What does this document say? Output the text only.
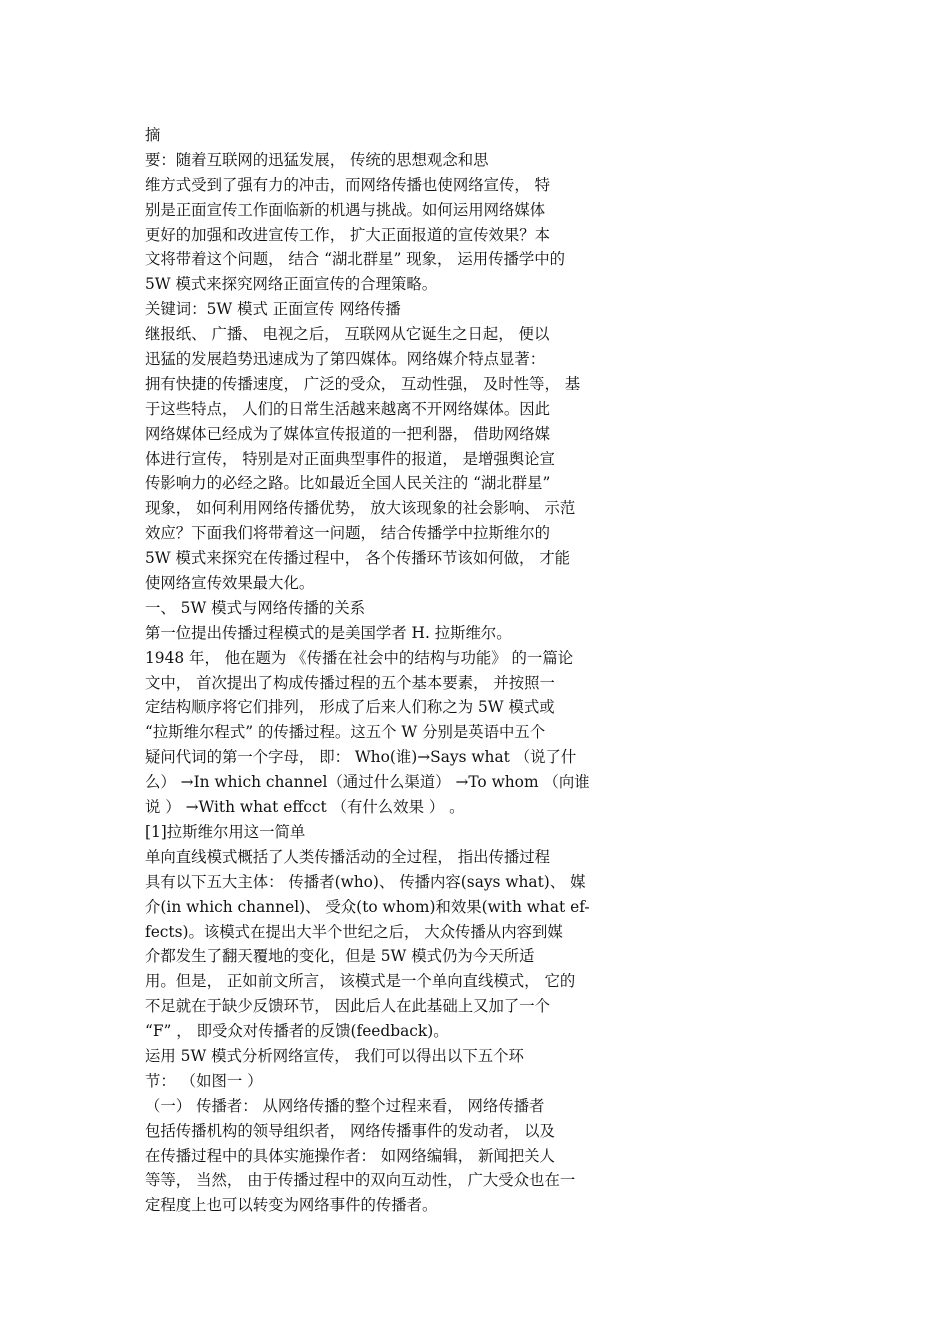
摘
要：随着互联网的迅猛发展， 传统的思想观念和思
维方式受到了强有力的冲击，而网络传播也使网络宣传， 特
别是正面宣传工作面临新的机遇与挑战。如何运用网络媒体
更好的加强和改进宣传工作， 扩大正面报道的宣传效果？本
文将带着这个问题， 结合 “湖北群星” 现象， 运用传播学中的
5W 模式来探究网络正面宣传的合理策略。
关键词：5W 模式 正面宣传 网络传播
继报纸、 广播、 电视之后， 互联网从它诞生之日起， 便以
迅猛的发展趋势迅速成为了第四媒体。网络媒介特点显著：
拥有快捷的传播速度， 广泛的受众， 互动性强， 及时性等， 基
于这些特点， 人们的日常生活越来越离不开网络媒体。因此
网络媒体已经成为了媒体宣传报道的一把利器， 借助网络媒
体进行宣传， 特别是对正面典型事件的报道， 是增强舆论宣
传影响力的必经之路。比如最近全国人民关注的 “湖北群星”
现象， 如何利用网络传播优势， 放大该现象的社会影响、 示范
效应？下面我们将带着这一问题， 结合传播学中拉斯维尔的
5W 模式来探究在传播过程中， 各个传播环节该如何做， 才能
使网络宣传效果最大化。
一、 5W 模式与网络传播的关系
第一位提出传播过程模式的是美国学者 H. 拉斯维尔。
1948 年， 他在题为 《传播在社会中的结构与功能》 的一篇论
文中， 首次提出了构成传播过程的五个基本要素， 并按照一
定结构顺序将它们排列， 形成了后来人们称之为 5W 模式或
“拉斯维尔程式” 的传播过程。这五个 W 分别是英语中五个
疑问代词的第一个字母， 即： Who(谁)→Says what （说了什
么） →In which channel（通过什么渠道） →To whom （向谁
说 ） →With what effcct （有什么效果 ） 。
[1]拉斯维尔用这一简单
单向直线模式概括了人类传播活动的全过程， 指出传播过程
具有以下五大主体： 传播者(who)、 传播内容(says what)、 媒
介(in which channel)、 受众(to whom)和效果(with what ef-
fects)。该模式在提出大半个世纪之后， 大众传播从内容到媒
介都发生了翻天覆地的变化，但是 5W 模式仍为今天所适
用。但是， 正如前文所言， 该模式是一个单向直线模式， 它的
不足就在于缺少反馈环节， 因此后人在此基础上又加了一个
“F” ， 即受众对传播者的反馈(feedback)。
运用 5W 模式分析网络宣传， 我们可以得出以下五个环
节： （如图一 ）
（一） 传播者： 从网络传播的整个过程来看， 网络传播者
包括传播机构的领导组织者， 网络传播事件的发动者， 以及
在传播过程中的具体实施操作者： 如网络编辑， 新闻把关人
等等， 当然， 由于传播过程中的双向互动性， 广大受众也在一
定程度上也可以转变为网络事件的传播者。
